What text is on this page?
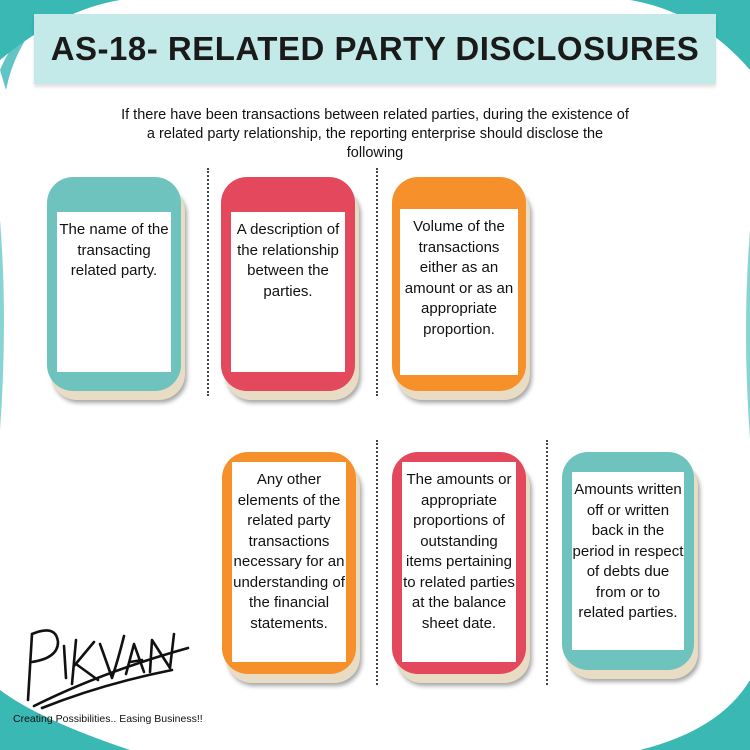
AS-18- RELATED PARTY DISCLOSURES
If there have been transactions between related parties, during the existence of a related party relationship, the reporting enterprise should disclose the following
The name of the transacting related party.
A description of the relationship between the parties.
Volume of the transactions either as an amount or as an appropriate proportion.
Any other elements of the related party transactions necessary for an understanding of the financial statements.
The amounts or appropriate proportions of outstanding items pertaining to related parties at the balance sheet date.
Amounts written off or written back in the period in respect of debts due from or to related parties.
Creating Possibilities.. Easing Business!!
